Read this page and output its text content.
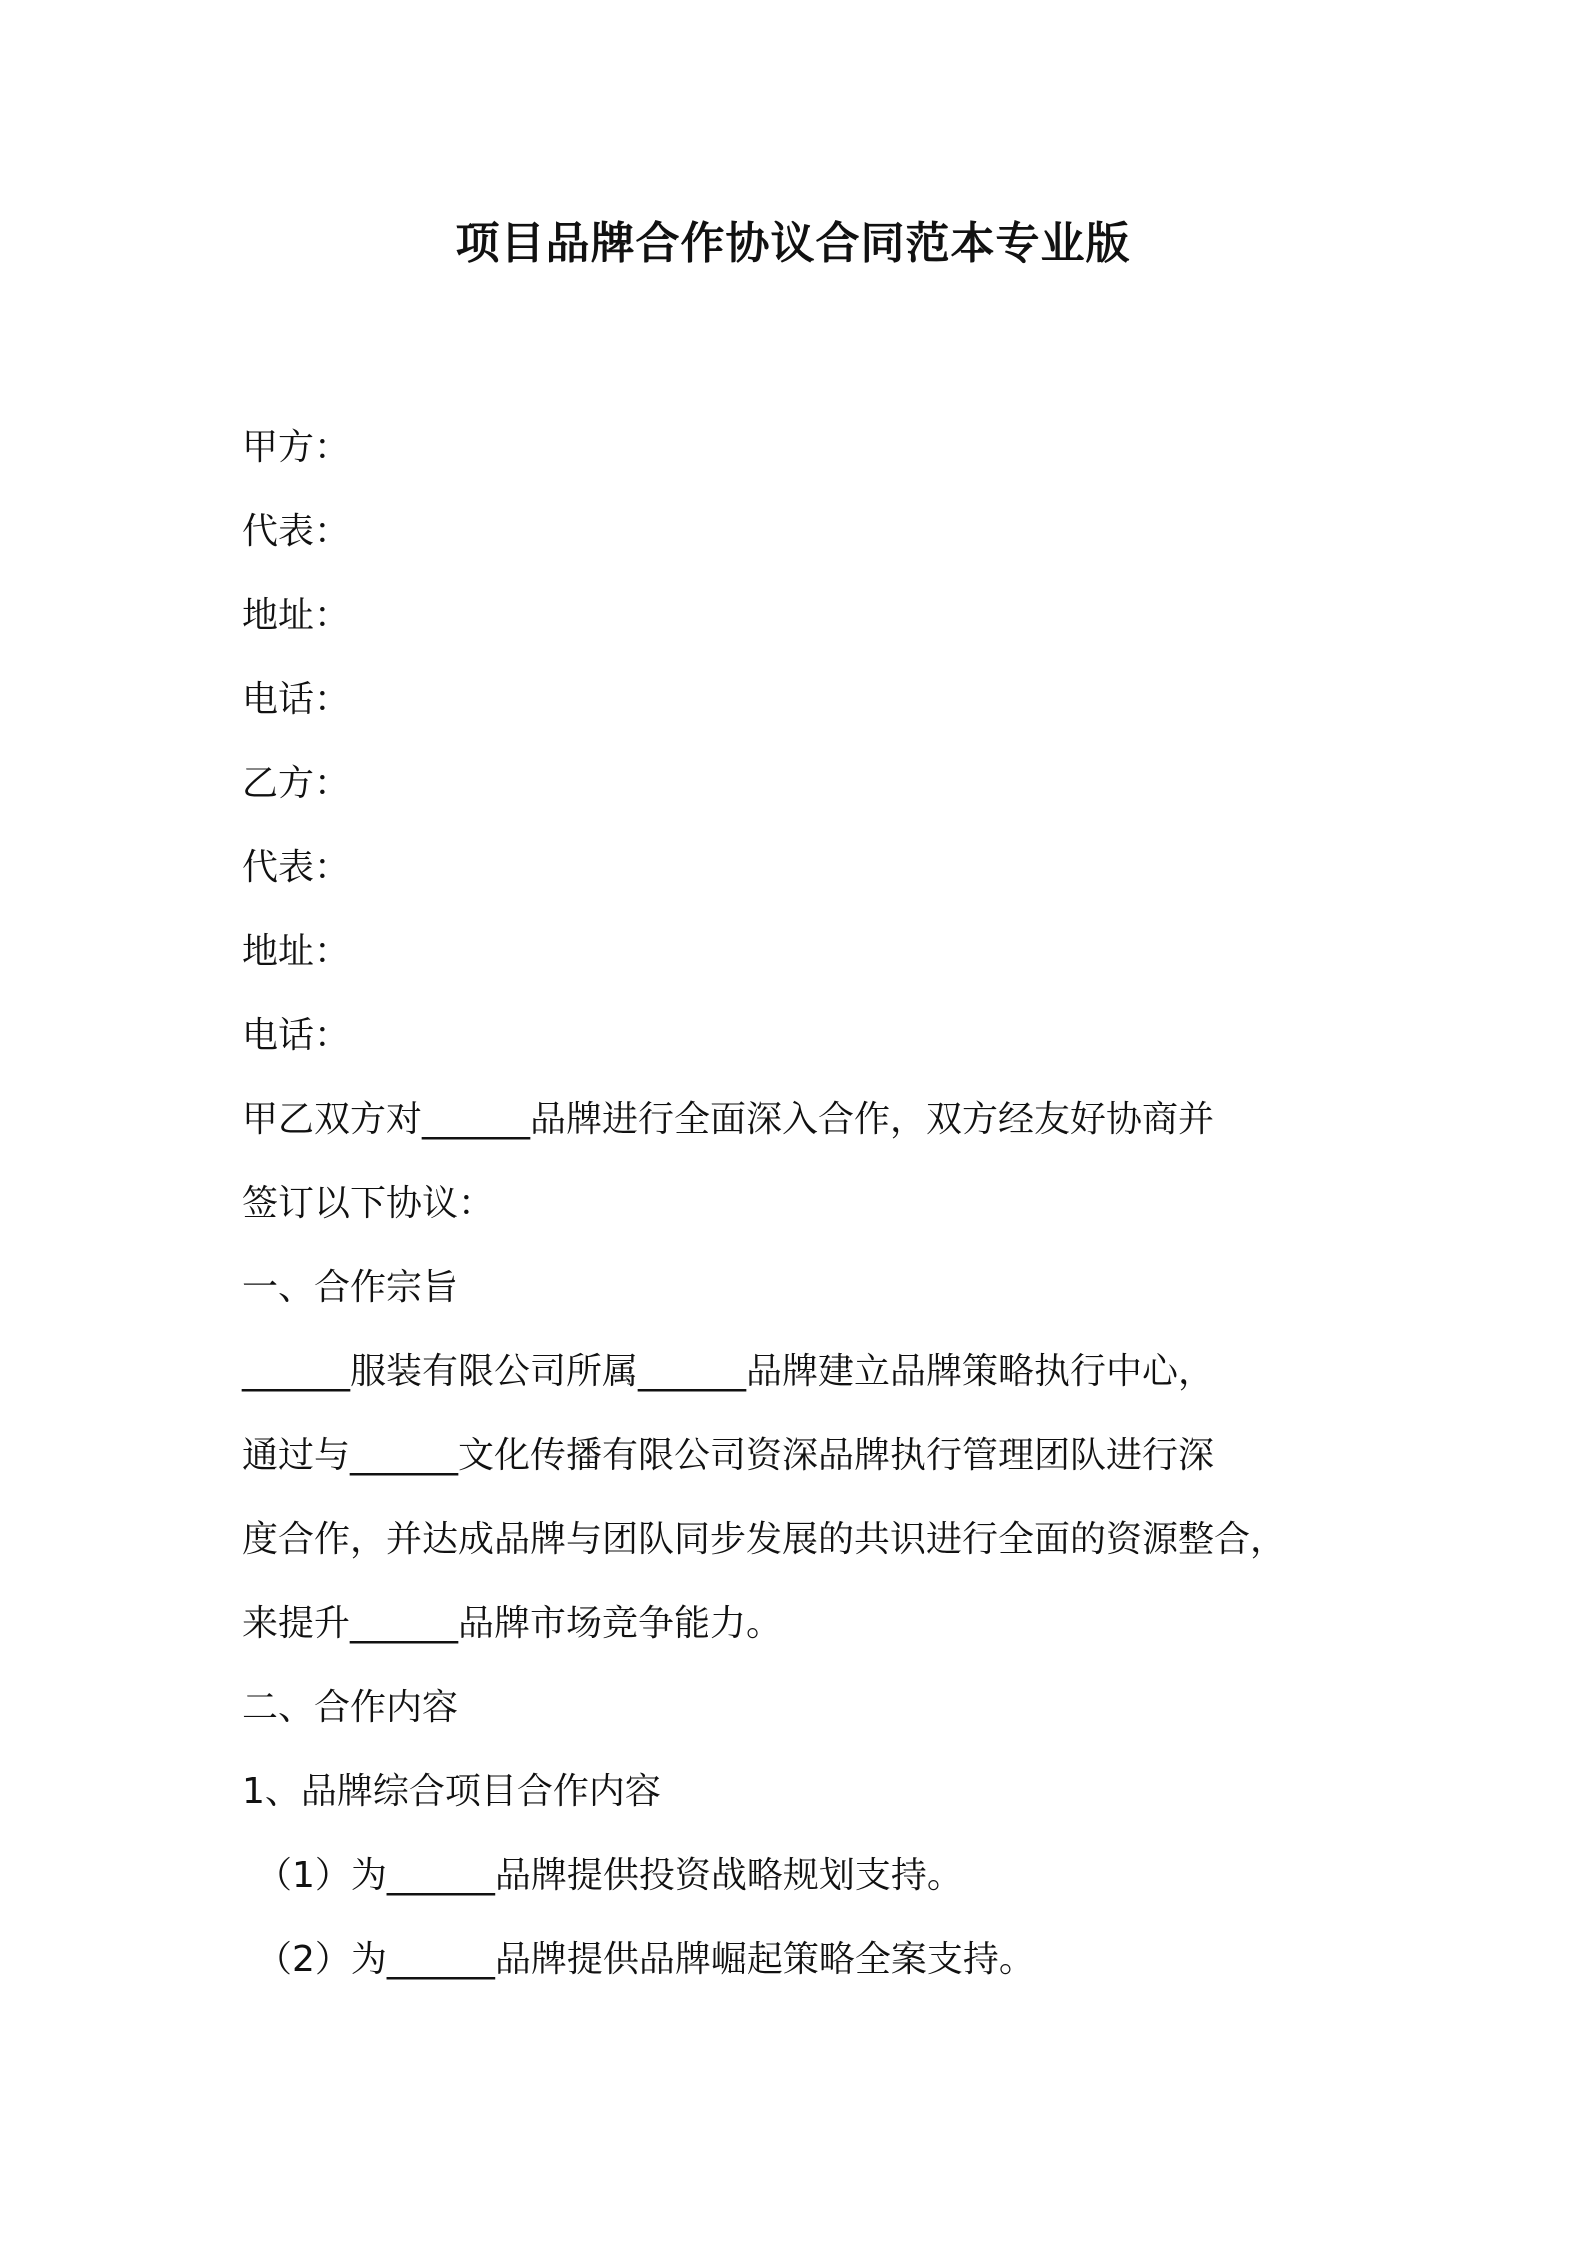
项目品牌合作协议合同范本专业版
甲方：
代表：
地址：
电话：
乙方：
代表：
地址：
电话：
甲乙双方对______品牌进行全面深入合作，双方经友好协商并
签订以下协议：
一、合作宗旨
______服装有限公司所属______品牌建立品牌策略执行中心，
通过与______文化传播有限公司资深品牌执行管理团队进行深
度合作，并达成品牌与团队同步发展的共识进行全面的资源整合，
来提升______品牌市场竞争能力。
二、合作内容
1、品牌综合项目合作内容
（1）为______品牌提供投资战略规划支持。
（2）为______品牌提供品牌崛起策略全案支持。
